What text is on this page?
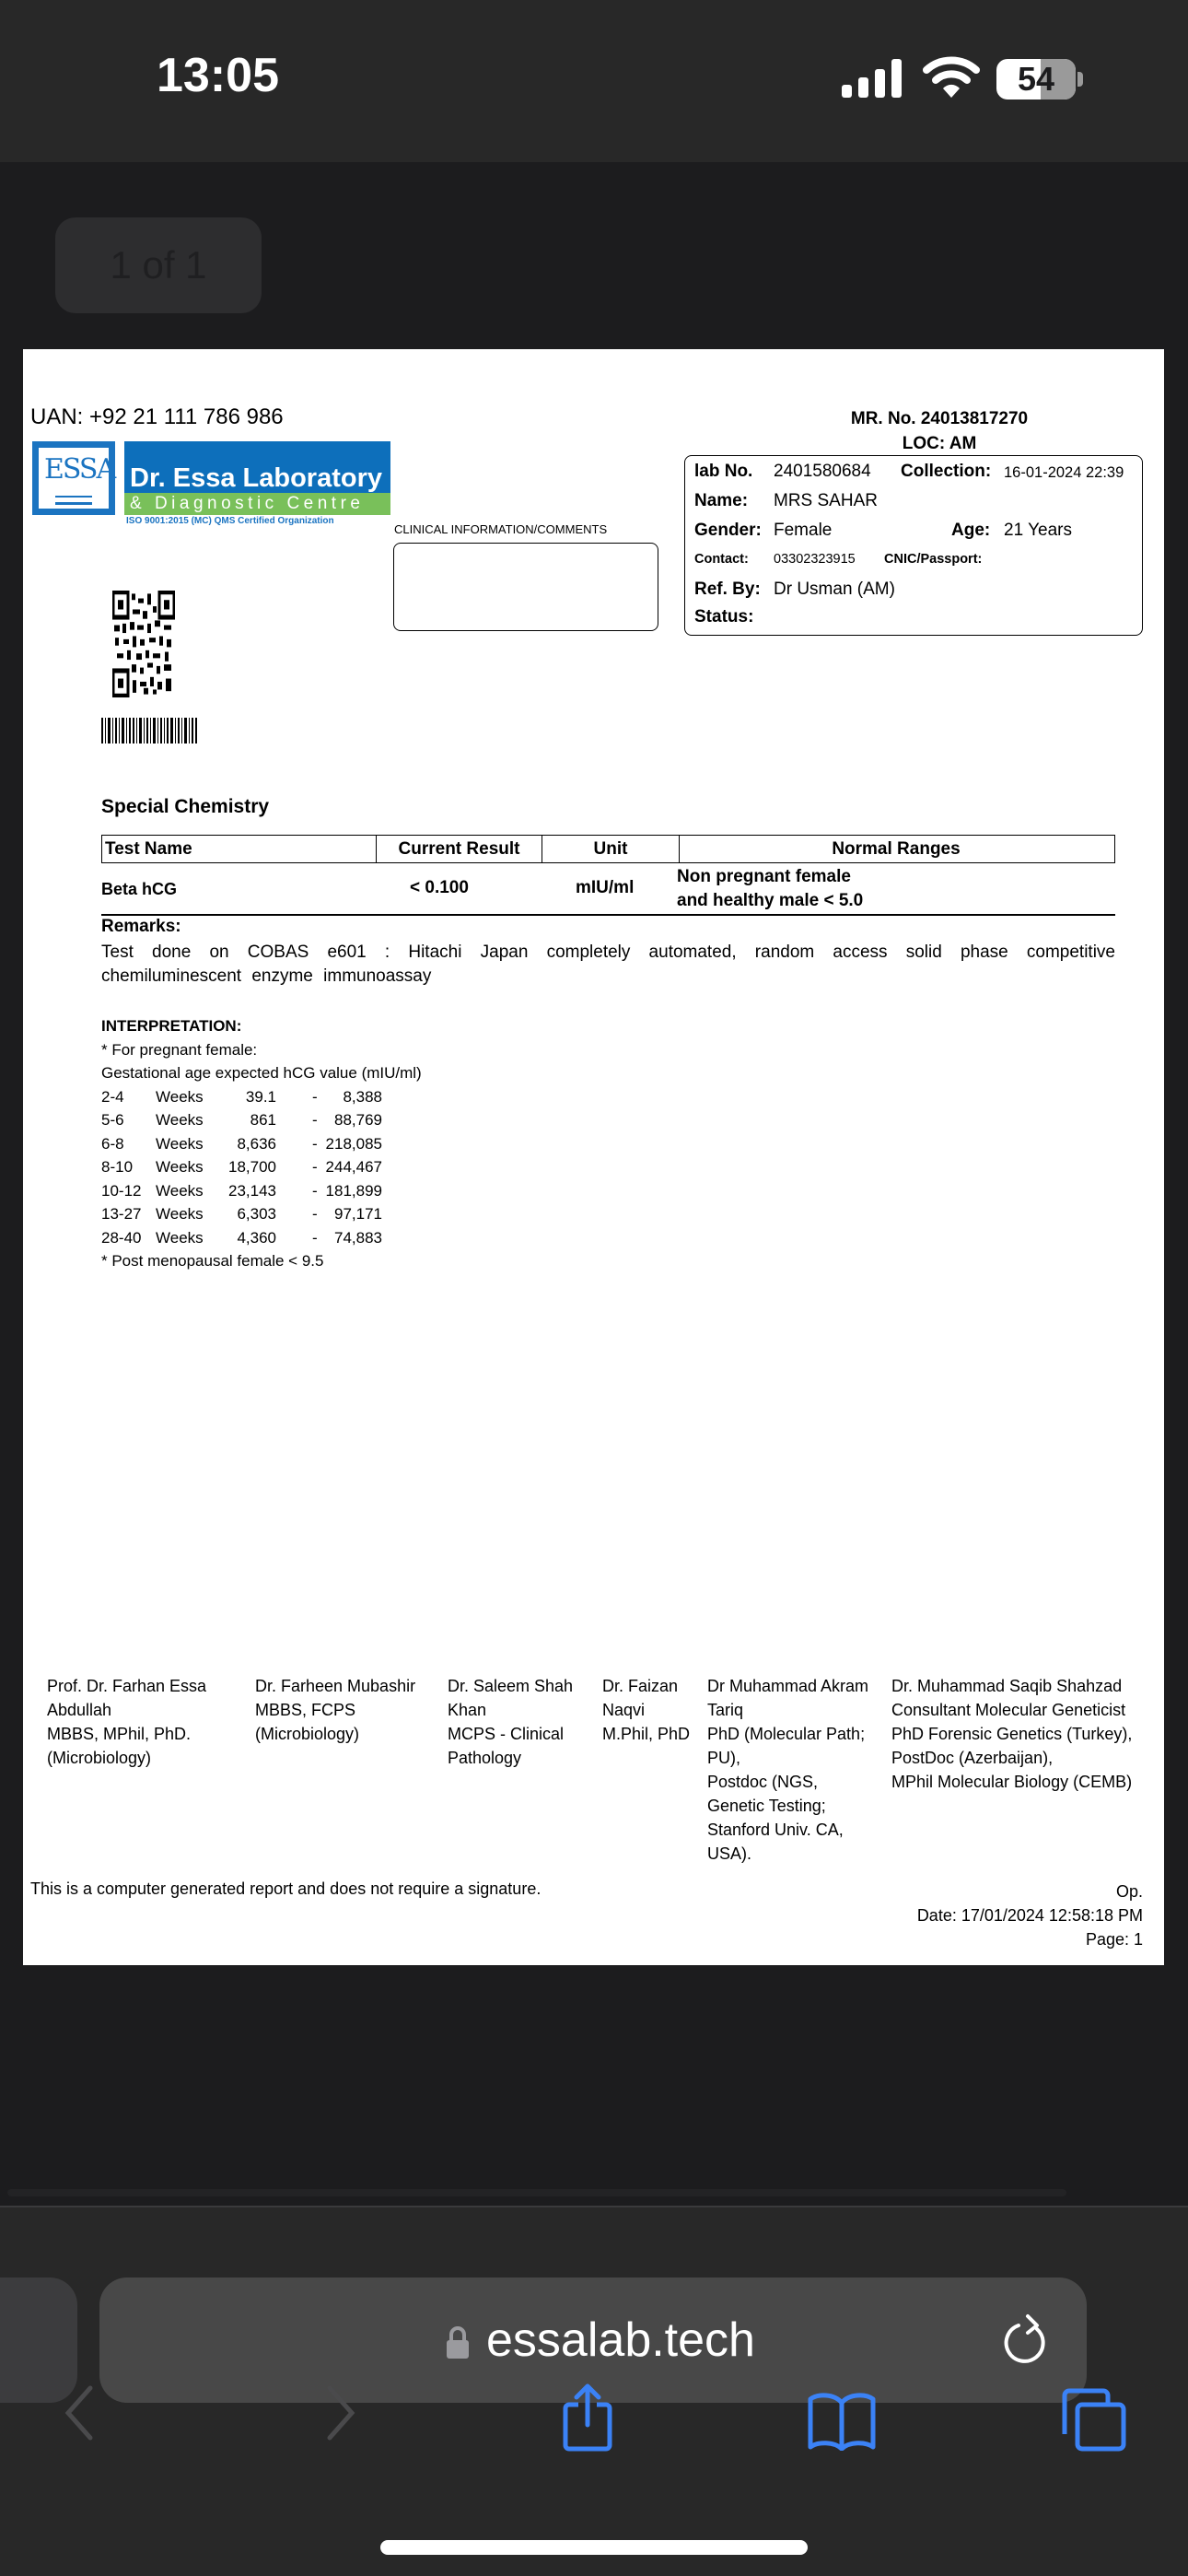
13:05	54
1 of 1
UAN: +92 21 111 786 986	MR. No. 24013817270
LOC: AM
ESSA Dr. Essa Laboratory
& Diagnostic Centre
ISO 9001:2015 (MC) QMS Certified Organization
CLINICAL INFORMATION/COMMENTS
lab No. 2401580684 Collection: 16-01-2024 22:39
Name: MRS SAHAR
Gender: Female	Age: 21 Years
Contact: 03302323915 CNIC/Passport:
Ref. By: Dr Usman (AM)
Status:
Special Chemistry
Test Name	Current Result	Unit	Normal Ranges
Beta hCG	< 0.100	mIU/ml
Non pregnant female
and healthy male < 5.0
Remarks:
Test done on COBAS e601 : Hitachi Japan completely automated, random access solid phase competitive chemiluminescent enzyme immunoassay
INTERPRETATION:
* For pregnant female:
Gestational age expected hCG value (mIU/ml)
2-4 Weeks	39.1 - 8,388
5-6 Weeks	861 - 88,769
6-8 Weeks 8,636 - 218,085
8-10 Weeks 18,700 - 244,467
10-12 Weeks 23,143 - 181,899
13-27 Weeks 6,303 - 97,171
28-40 Weeks 4,360 - 74,883
* Post menopausal female < 9.5
Prof. Dr. Farhan Essa
Abdullah
MBBS, MPhil, PhD.
(Microbiology)
Dr. Farheen Mubashir
MBBS, FCPS
(Microbiology)
Dr. Saleem Shah
Khan
MCPS - Clinical
Pathology
Dr. Faizan
Naqvi
M.Phil, PhD
Dr Muhammad Akram
Tariq
PhD (Molecular Path;
PU),
Postdoc (NGS,
Genetic Testing;
Stanford Univ. CA,
USA).
Dr. Muhammad Saqib Shahzad
Consultant Molecular Geneticist
PhD Forensic Genetics (Turkey),
PostDoc (Azerbaijan),
MPhil Molecular Biology (CEMB)
This is a computer generated report and does not require a signature.	Op.
Date: 17/01/2024 12:58:18 PM
Page: 1
essalab.tech
